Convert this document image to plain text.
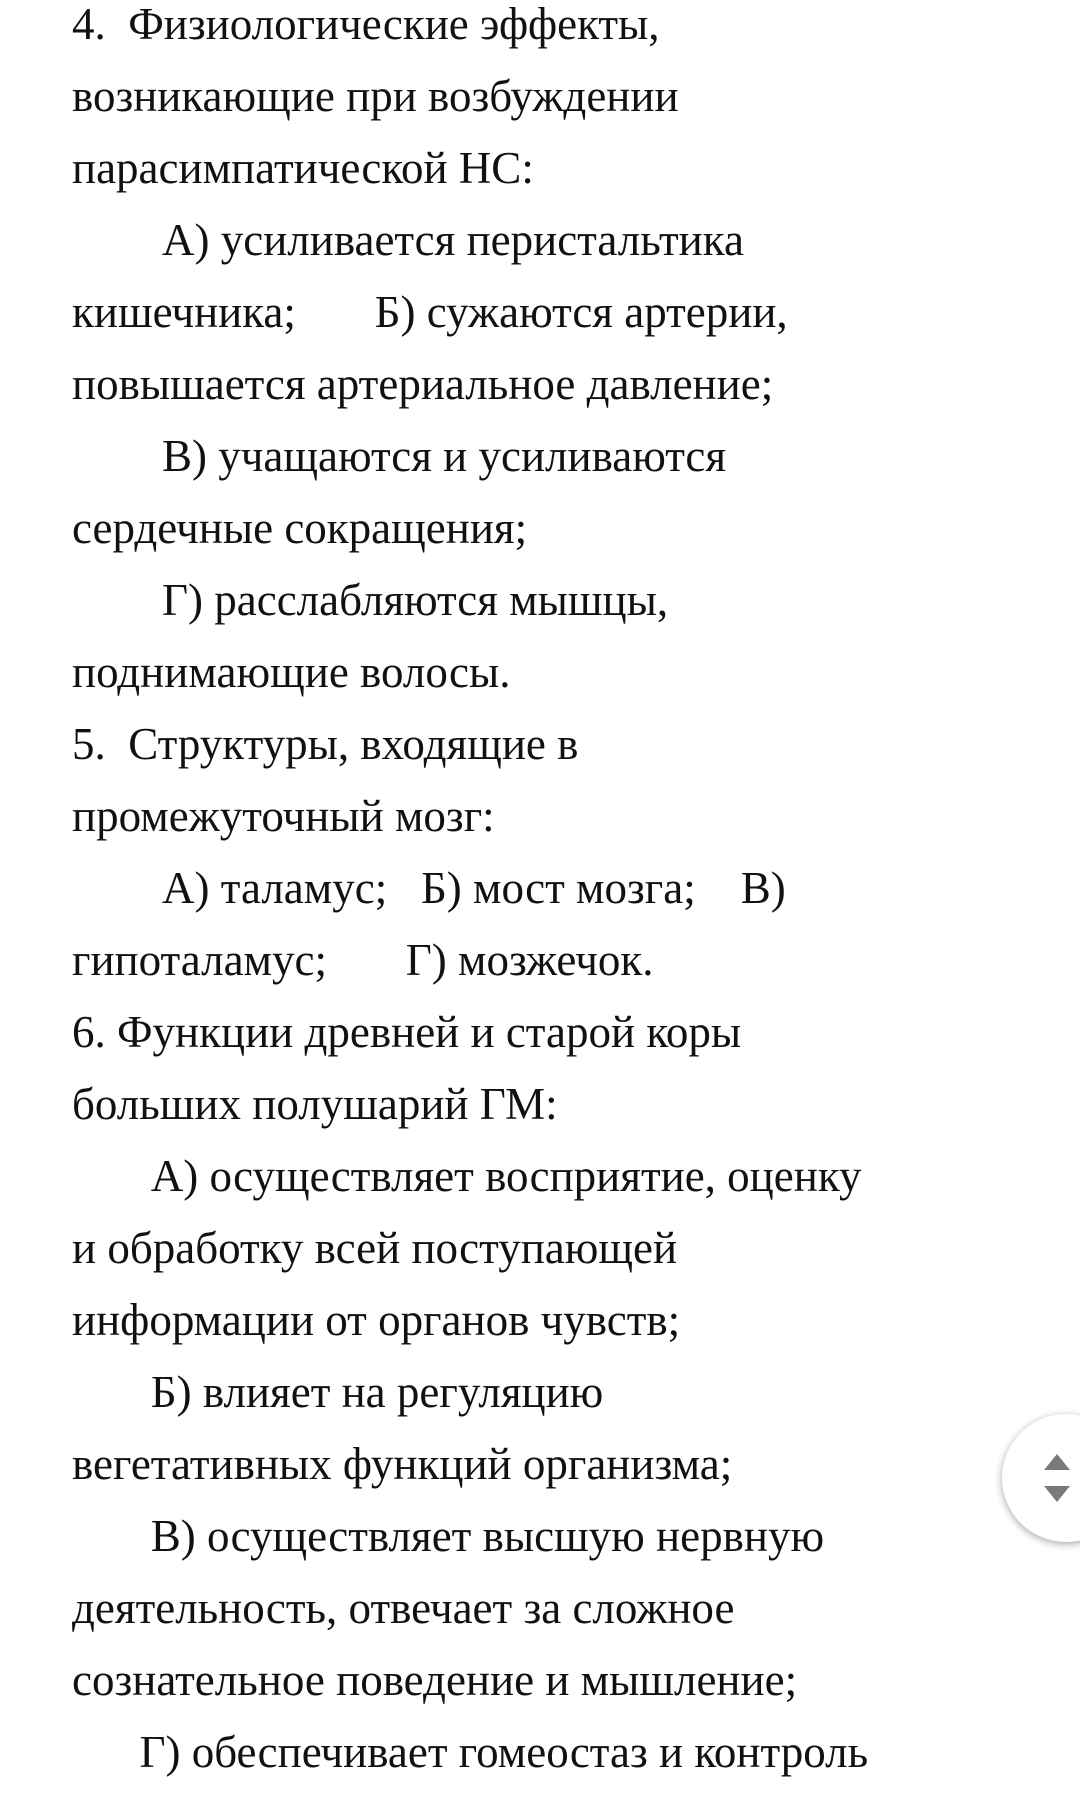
4.  Физиологические эффекты,
возникающие при возбуждении
парасимпатической НС:
А) усиливается перистальтика
кишечника;       Б) сужаются артерии,
повышается артериальное давление;
В) учащаются и усиливаются
сердечные сокращения;
Г) расслабляются мышцы,
поднимающие волосы.
5.  Структуры, входящие в
промежуточный мозг:
А) таламус;   Б) мост мозга;    В)
гипоталамус;       Г) мозжечок.
6. Функции древней и старой коры
больших полушарий ГМ:
А) осуществляет восприятие, оценку
и обработку всей поступающей
информации от органов чувств;
Б) влияет на регуляцию
вегетативных функций организма;
В) осуществляет высшую нервную
деятельность, отвечает за сложное
сознательное поведение и мышление;
Г) обеспечивает гомеостаз и контроль
